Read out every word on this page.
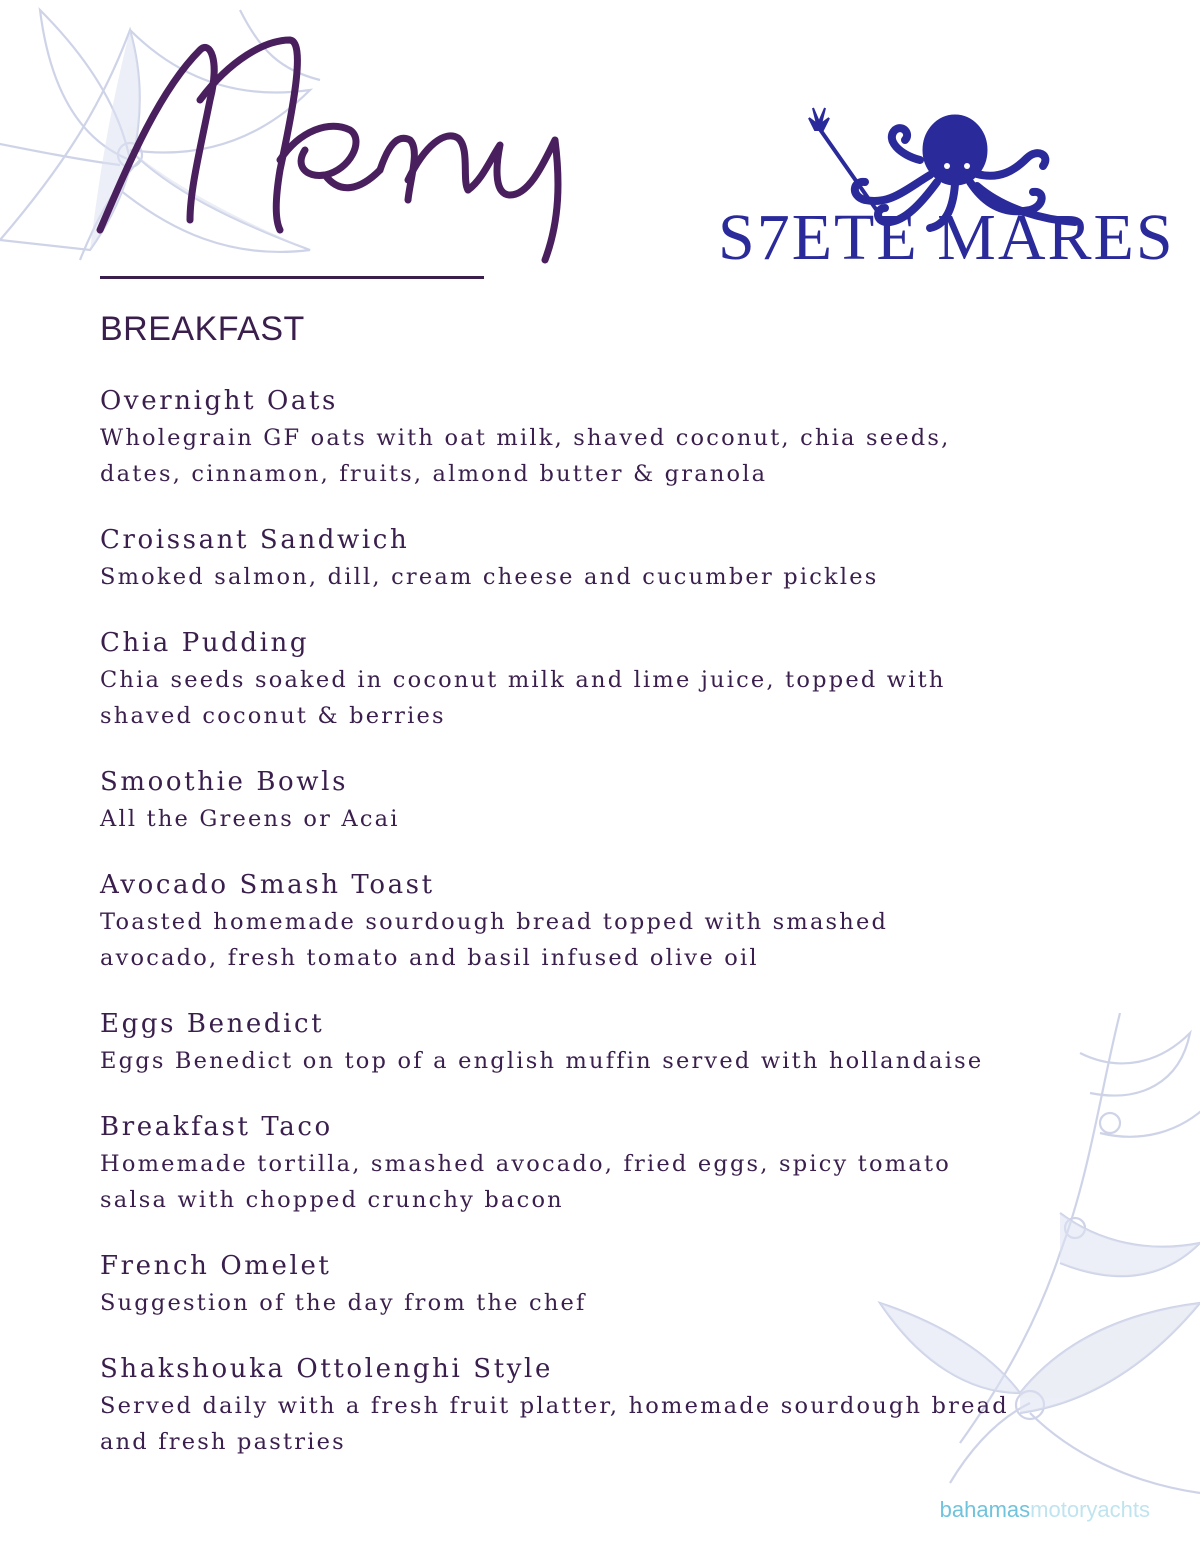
S7ETE MARES
BREAKFAST
Overnight Oats
Wholegrain GF oats with oat milk, shaved coconut, chia seeds,
dates, cinnamon, fruits, almond butter & granola
Croissant Sandwich
Smoked salmon, dill, cream cheese and cucumber pickles
Chia Pudding
Chia seeds soaked in coconut milk and lime juice, topped with
shaved coconut & berries
Smoothie Bowls
All the Greens or Acai
Avocado Smash Toast
Toasted homemade sourdough bread topped with smashed
avocado, fresh tomato and basil infused olive oil
Eggs Benedict
Eggs Benedict on top of a english muffin served with hollandaise
Breakfast Taco
Homemade tortilla, smashed avocado, fried eggs, spicy tomato
salsa with chopped crunchy bacon
French Omelet
Suggestion of the day from the chef
Shakshouka Ottolenghi Style
Served daily with a fresh fruit platter, homemade sourdough bread
and fresh pastries
bahamasmotoryachts
